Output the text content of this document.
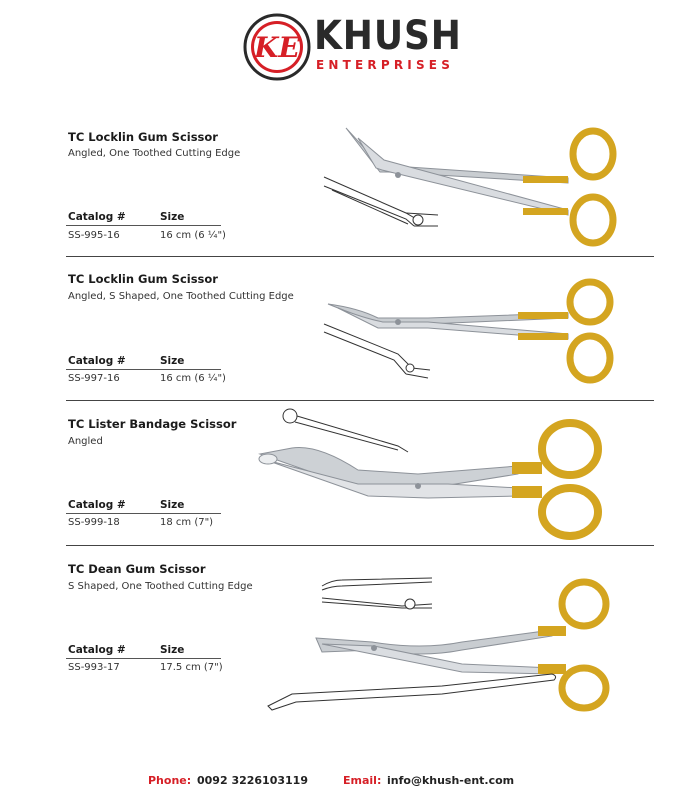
KE KHUSH
ENTERPRISES
TC Locklin Gum Scissor
Angled, One Toothed Cutting Edge
Catalog #	Size
SS-995-16	16 cm (6 ¼")
TC Locklin Gum Scissor
Angled, S Shaped, One Toothed Cutting Edge
Catalog #	Size
SS-997-16	16 cm (6 ¼")
TC Lister Bandage Scissor
Angled
Catalog #	Size
SS-999-18	18 cm (7")
TC Dean Gum Scissor
S Shaped, One Toothed Cutting Edge
Catalog #	Size
SS-993-17	17.5 cm (7")
Phone: 0092 3226103119	Email: info@khush-ent.com
